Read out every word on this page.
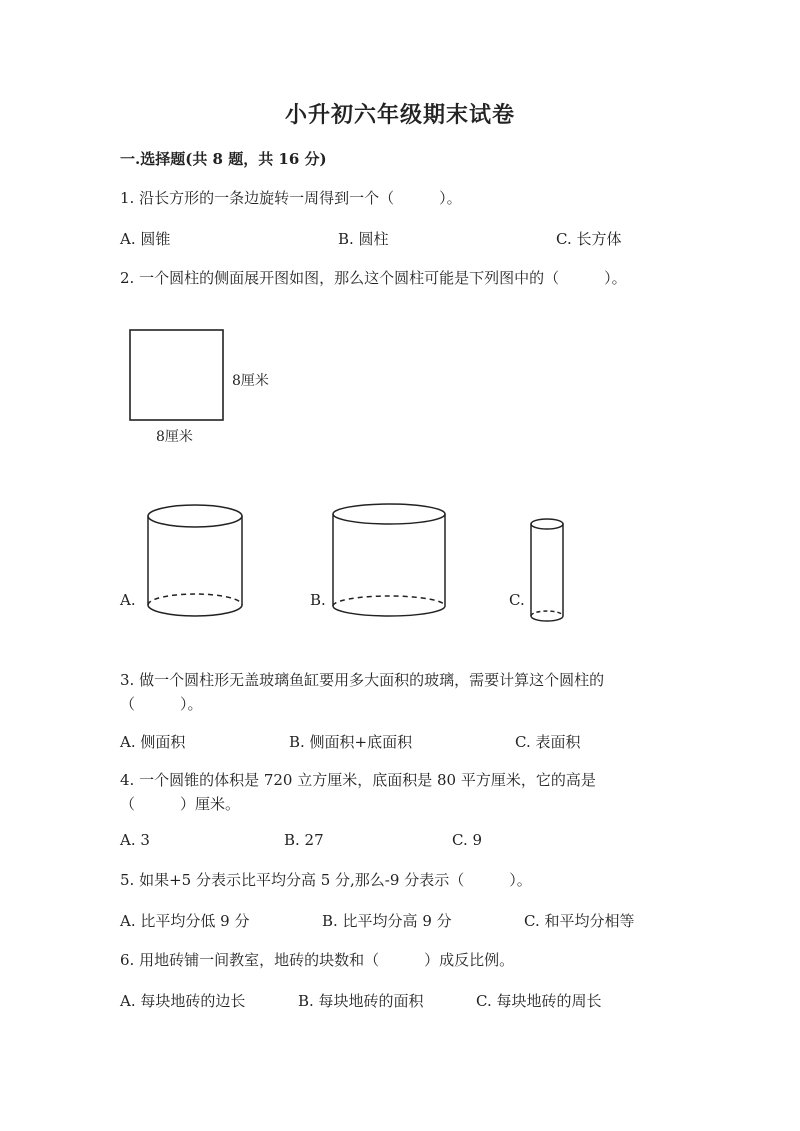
小升初六年级期末试卷
一.选择题(共 8 题，共 16 分)
1. 沿长方形的一条边旋转一周得到一个（　　　）。
A. 圆锥	B. 圆柱	C. 长方体
2. 一个圆柱的侧面展开图如图，那么这个圆柱可能是下列图中的（　　　）。
8厘米
8厘米
A.	B.	C.
3. 做一个圆柱形无盖玻璃鱼缸要用多大面积的玻璃，需要计算这个圆柱的
（　　　）。
A. 侧面积	B. 侧面积+底面积	C. 表面积
4. 一个圆锥的体积是 720 立方厘米，底面积是 80 平方厘米，它的高是
（　　　）厘米。
A. 3	B. 27	C. 9
5. 如果+5 分表示比平均分高 5 分,那么-9 分表示（　　　）。
A. 比平均分低 9 分	B. 比平均分高 9 分	C. 和平均分相等
6. 用地砖铺一间教室，地砖的块数和（　　　）成反比例。
A. 每块地砖的边长	B. 每块地砖的面积	C. 每块地砖的周长
